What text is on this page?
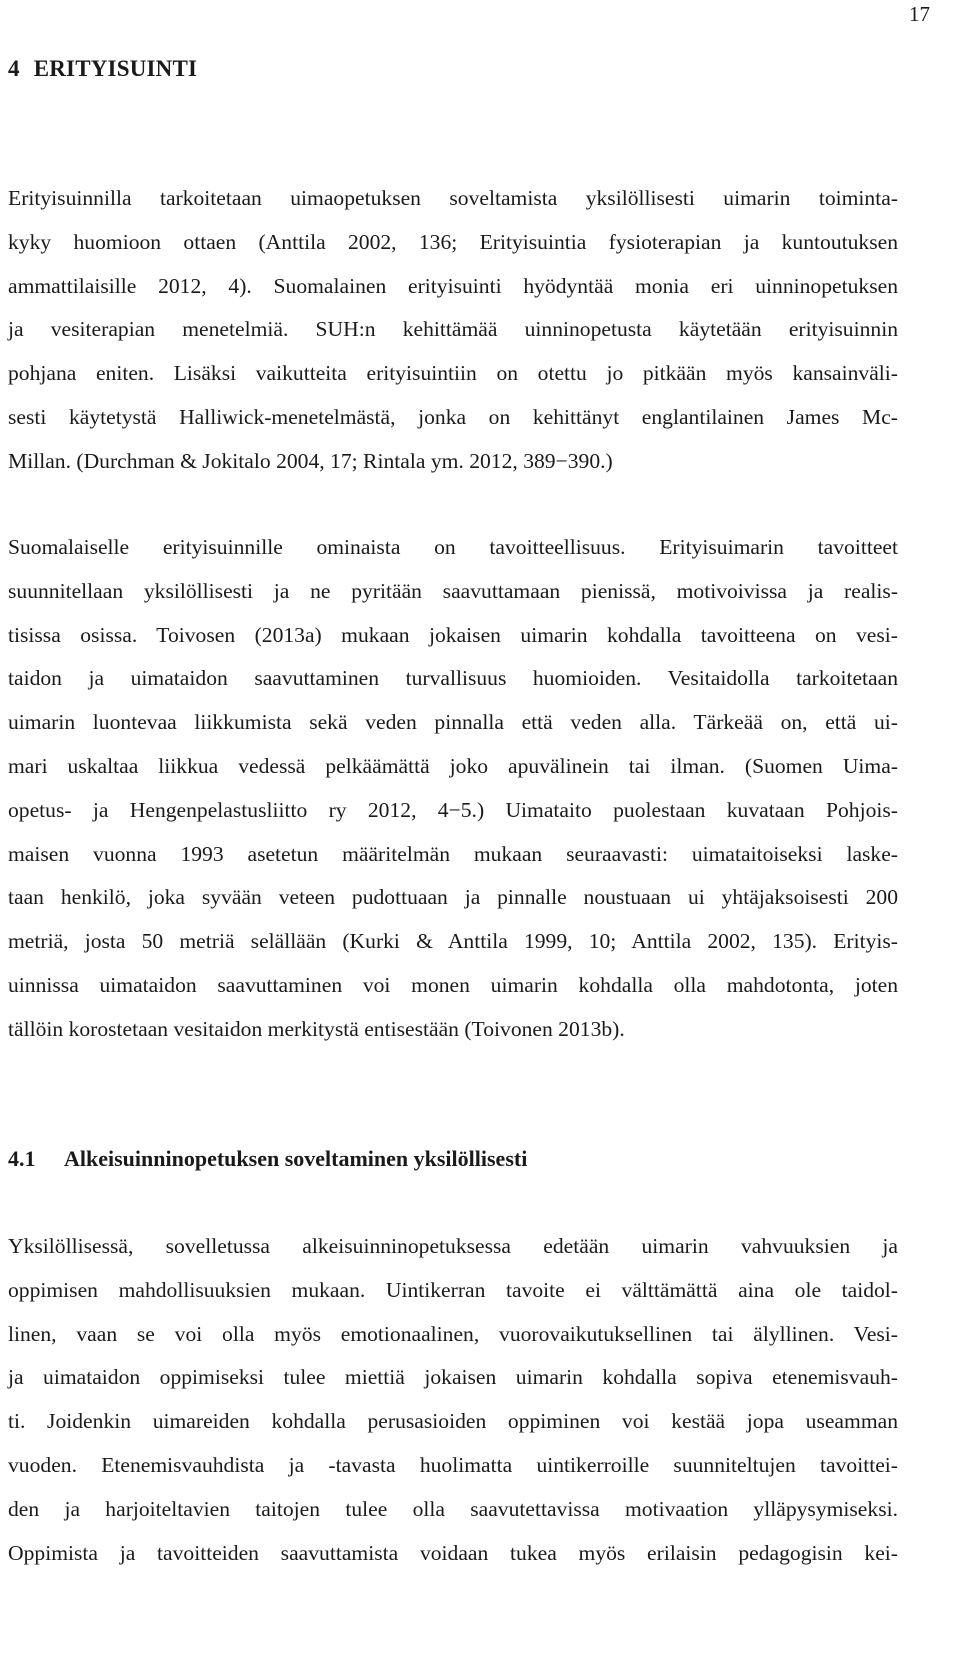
17
4 ERITYISUINTI

Erityisuinnilla tarkoitetaan uimaopetuksen soveltamista yksilöllisesti uimarin toiminta-
kyky huomioon ottaen (Anttila 2002, 136; Erityisuintia fysioterapian ja kuntoutuksen
ammattilaisille 2012, 4). Suomalainen erityisuinti hyödyntää monia eri uinninopetuksen
ja vesiterapian menetelmiä. SUH:n kehittämää uinninopetusta käytetään erityisuinnin
pohjana eniten. Lisäksi vaikutteita erityisuintiin on otettu jo pitkään myös kansainväli-
sesti käytetystä Halliwick-menetelmästä, jonka on kehittänyt englantilainen James Mc-
Millan. (Durchman & Jokitalo 2004, 17; Rintala ym. 2012, 389−390.)

Suomalaiselle erityisuinnille ominaista on tavoitteellisuus. Erityisuimarin tavoitteet
suunnitellaan yksilöllisesti ja ne pyritään saavuttamaan pienissä, motivoivissa ja realis-
tisissa osissa. Toivosen (2013a) mukaan jokaisen uimarin kohdalla tavoitteena on vesi-
taidon ja uimataidon saavuttaminen turvallisuus huomioiden. Vesitaidolla tarkoitetaan
uimarin luontevaa liikkumista sekä veden pinnalla että veden alla. Tärkeää on, että ui-
mari uskaltaa liikkua vedessä pelkäämättä joko apuvälinein tai ilman. (Suomen Uima-
opetus- ja Hengenpelastusliitto ry 2012, 4−5.) Uimataito puolestaan kuvataan Pohjois-
maisen vuonna 1993 asetetun määritelmän mukaan seuraavasti: uimataitoiseksi laske-
taan henkilö, joka syvään veteen pudottuaan ja pinnalle noustuaan ui yhtäjaksoisesti 200
metriä, josta 50 metriä selällään (Kurki & Anttila 1999, 10; Anttila 2002, 135). Erityis-
uinnissa uimataidon saavuttaminen voi monen uimarin kohdalla olla mahdotonta, joten
tällöin korostetaan vesitaidon merkitystä entisestään (Toivonen 2013b).

4.1 Alkeisuinninopetuksen soveltaminen yksilöllisesti

Yksilöllisessä, sovelletussa alkeisuinninopetuksessa edetään uimarin vahvuuksien ja
oppimisen mahdollisuuksien mukaan. Uintikerran tavoite ei välttämättä aina ole taidol-
linen, vaan se voi olla myös emotionaalinen, vuorovaikutuksellinen tai älyllinen. Vesi-
ja uimataidon oppimiseksi tulee miettiä jokaisen uimarin kohdalla sopiva etenemisvauh-
ti. Joidenkin uimareiden kohdalla perusasioiden oppiminen voi kestää jopa useamman
vuoden. Etenemisvauhdista ja -tavasta huolimatta uintikerroille suunniteltujen tavoittei-
den ja harjoiteltavien taitojen tulee olla saavutettavissa motivaation ylläpysymiseksi.
Oppimista ja tavoitteiden saavuttamista voidaan tukea myös erilaisin pedagogisin kei-
